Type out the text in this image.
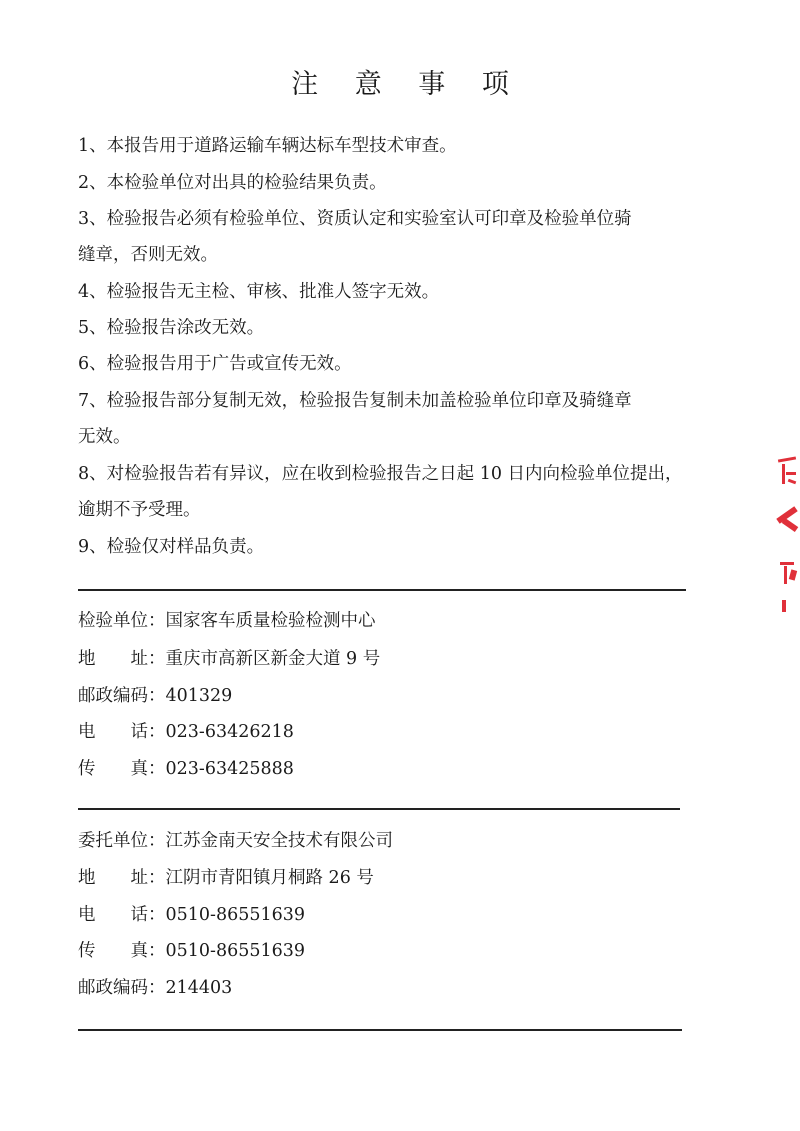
注 意 事 项
1、本报告用于道路运输车辆达标车型技术审查。
2、本检验单位对出具的检验结果负责。
3、检验报告必须有检验单位、资质认定和实验室认可印章及检验单位骑
缝章，否则无效。
4、检验报告无主检、审核、批准人签字无效。
5、检验报告涂改无效。
6、检验报告用于广告或宣传无效。
7、检验报告部分复制无效，检验报告复制未加盖检验单位印章及骑缝章
无效。
8、对检验报告若有异议，应在收到检验报告之日起 10 日内向检验单位提出，
逾期不予受理。
9、检验仅对样品负责。
检验单位：国家客车质量检验检测中心
地　　址：重庆市高新区新金大道 9 号
邮政编码：401329
电　　话：023-63426218
传　　真：023-63425888
委托单位：江苏金南天安全技术有限公司
地　　址：江阴市青阳镇月桐路 26 号
电　　话：0510-86551639
传　　真：0510-86551639
邮政编码：214403
